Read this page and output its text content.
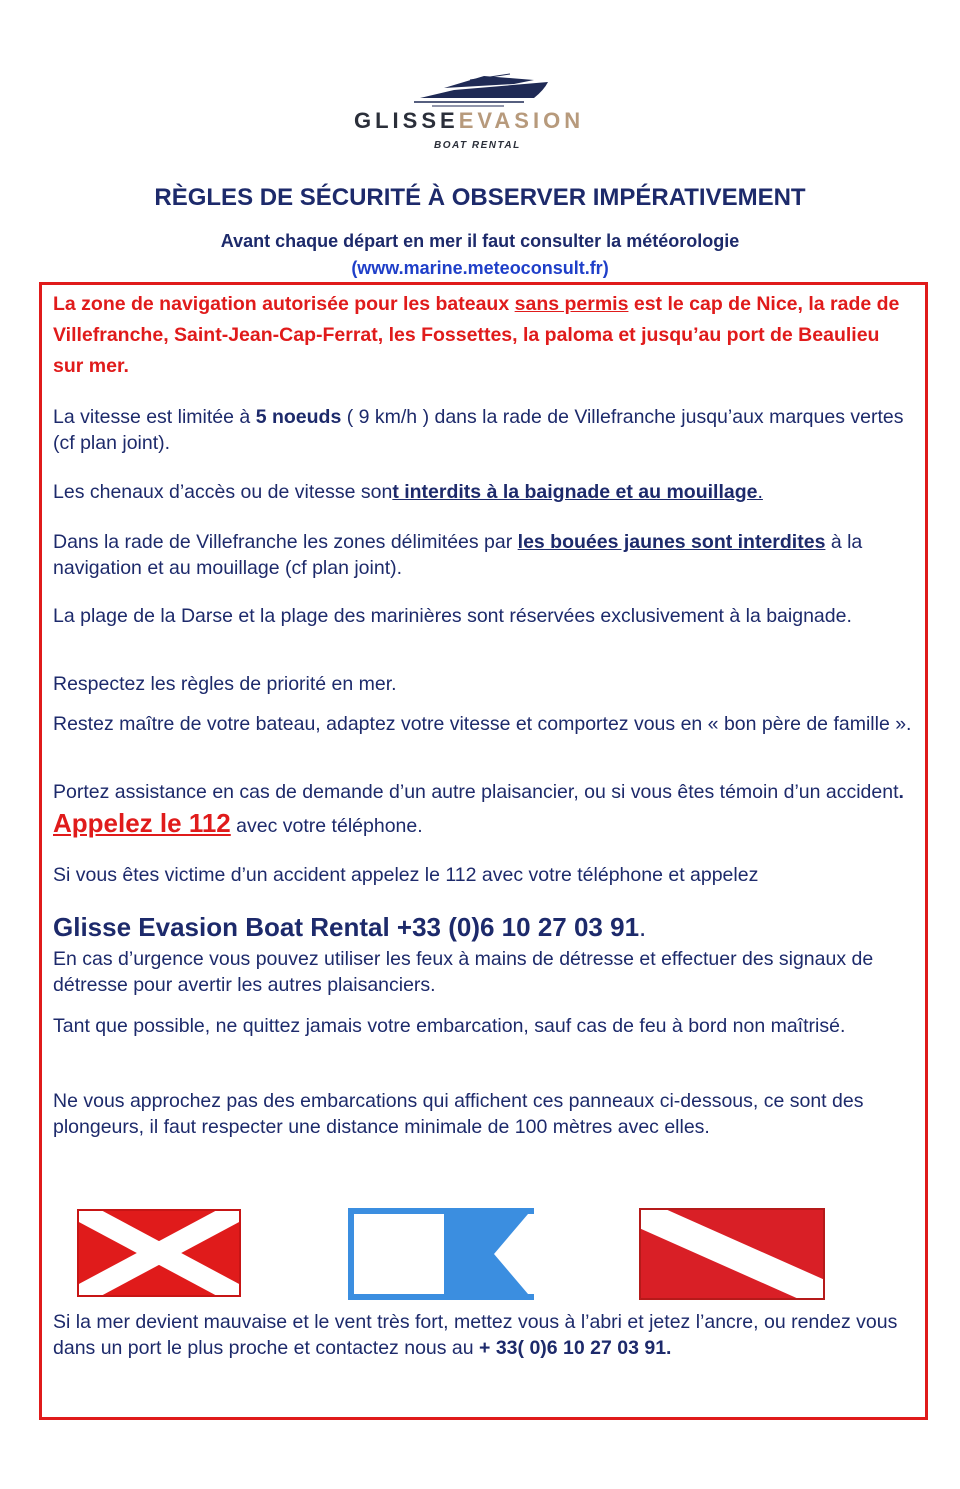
GLISSEEVASION
BOAT RENTAL
RÈGLES DE SÉCURITÉ À OBSERVER IMPÉRATIVEMENT
Avant chaque départ en mer il faut consulter la météorologie
(www.marine.meteoconsult.fr)
La zone de navigation autorisée pour les bateaux sans permis est le cap de Nice, la rade de Villefranche, Saint-Jean-Cap-Ferrat, les Fossettes, la paloma et jusqu’au port de Beaulieu sur mer.
La vitesse est limitée à 5 noeuds ( 9 km/h ) dans la rade de Villefranche jusqu’aux marques vertes (cf plan joint).
Les chenaux d’accès ou de vitesse sont interdits à la baignade et au mouillage.
Dans la rade de Villefranche les zones délimitées par les bouées jaunes sont interdites à la navigation et au mouillage (cf plan joint).
La plage de la Darse et la plage des marinières sont réservées exclusivement à la baignade.
Respectez les règles de priorité en mer.
Restez maître de votre bateau, adaptez votre vitesse et comportez vous en « bon père de famille ».
Portez assistance en cas de demande d’un autre plaisancier, ou si vous êtes témoin d’un accident. Appelez le 112 avec votre téléphone.
Si vous êtes victime d’un accident appelez le 112 avec votre téléphone et appelez
Glisse Evasion Boat Rental +33 (0)6 10 27 03 91.
En cas d’urgence vous pouvez utiliser les feux à mains de détresse et effectuer des signaux de détresse pour avertir les autres plaisanciers.
Tant que possible, ne quittez jamais votre embarcation, sauf cas de feu à bord non maîtrisé.
Ne vous approchez pas des embarcations qui affichent ces panneaux ci-dessous, ce sont des plongeurs, il faut respecter une distance minimale de 100 mètres avec elles.
Si la mer devient mauvaise et le vent très fort, mettez vous à l’abri et jetez l’ancre, ou rendez vous dans un port le plus proche et contactez nous au + 33( 0)6 10 27 03 91.
